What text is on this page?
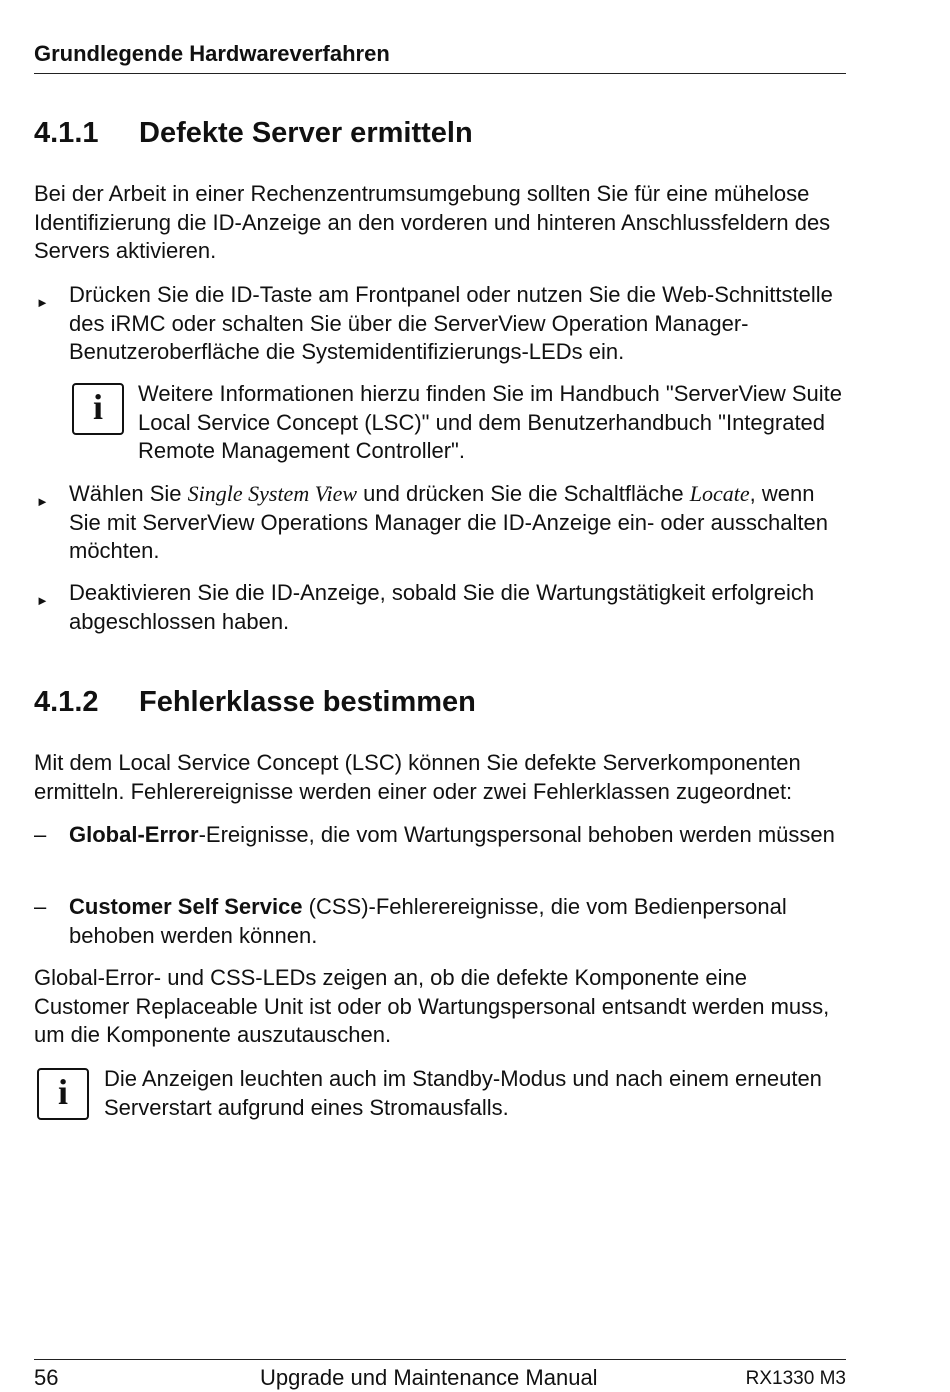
Grundlegende Hardwareverfahren
4.1.1 Defekte Server ermitteln
Bei der Arbeit in einer Rechenzentrumsumgebung sollten Sie für eine mühelose Identifizierung die ID-Anzeige an den vorderen und hinteren Anschlussfeldern des Servers aktivieren.
► Drücken Sie die ID-Taste am Frontpanel oder nutzen Sie die Web-Schnittstelle des iRMC oder schalten Sie über die ServerView Operation Manager-Benutzeroberfläche die Systemidentifizierungs-LEDs ein.
i	Weitere Informationen hierzu finden Sie im Handbuch "ServerView Suite Local Service Concept (LSC)" und dem Benutzerhandbuch "Integrated Remote Management Controller".
► Wählen Sie Single System View und drücken Sie die Schaltfläche Locate, wenn Sie mit ServerView Operations Manager die ID-Anzeige ein- oder ausschalten möchten.
► Deaktivieren Sie die ID-Anzeige, sobald Sie die Wartungstätigkeit erfolgreich abgeschlossen haben.
4.1.2 Fehlerklasse bestimmen
Mit dem Local Service Concept (LSC) können Sie defekte Serverkomponenten ermitteln. Fehlerereignisse werden einer oder zwei Fehlerklassen zugeordnet:
–	Global-Error-Ereignisse, die vom Wartungspersonal behoben werden müssen
–	Customer Self Service (CSS)-Fehlerereignisse, die vom Bedienpersonal behoben werden können.
Global-Error- und CSS-LEDs zeigen an, ob die defekte Komponente eine Customer Replaceable Unit ist oder ob Wartungspersonal entsandt werden muss, um die Komponente auszutauschen.
i	Die Anzeigen leuchten auch im Standby-Modus und nach einem erneuten Serverstart aufgrund eines Stromausfalls.
56	Upgrade und Maintenance Manual	RX1330 M3
